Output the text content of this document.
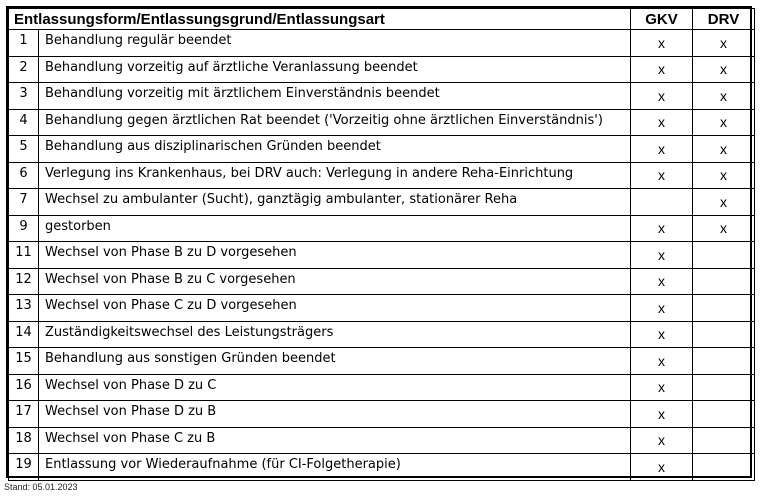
Entlassungsform/Entlassungsgrund/Entlassungsart		GKV	DRV
1	Behandlung regulär beendet	x	x
2	Behandlung vorzeitig auf ärztliche Veranlassung beendet	x	x
3	Behandlung vorzeitig mit ärztlichem Einverständnis beendet	x	x
4	Behandlung gegen ärztlichen Rat beendet ('Vorzeitig ohne ärztlichen Einverständnis')	x	x
5	Behandlung aus disziplinarischen Gründen beendet	x	x
6	Verlegung ins Krankenhaus, bei DRV auch: Verlegung in andere Reha-Einrichtung	x	x
7	Wechsel zu ambulanter (Sucht), ganztägig ambulanter, stationärer Reha		x
9	gestorben	x	x
11	Wechsel von Phase B zu D vorgesehen	x	
12	Wechsel von Phase B zu C vorgesehen	x	
13	Wechsel von Phase C zu D vorgesehen	x	
14	Zuständigkeitswechsel des Leistungsträgers	x	
15	Behandlung aus sonstigen Gründen beendet	x	
16	Wechsel von Phase D zu C	x	
17	Wechsel von Phase D zu B	x	
18	Wechsel von Phase C zu B	x	
19	Entlassung vor Wiederaufnahme (für CI-Folgetherapie)	x	
Stand: 05.01.2023
